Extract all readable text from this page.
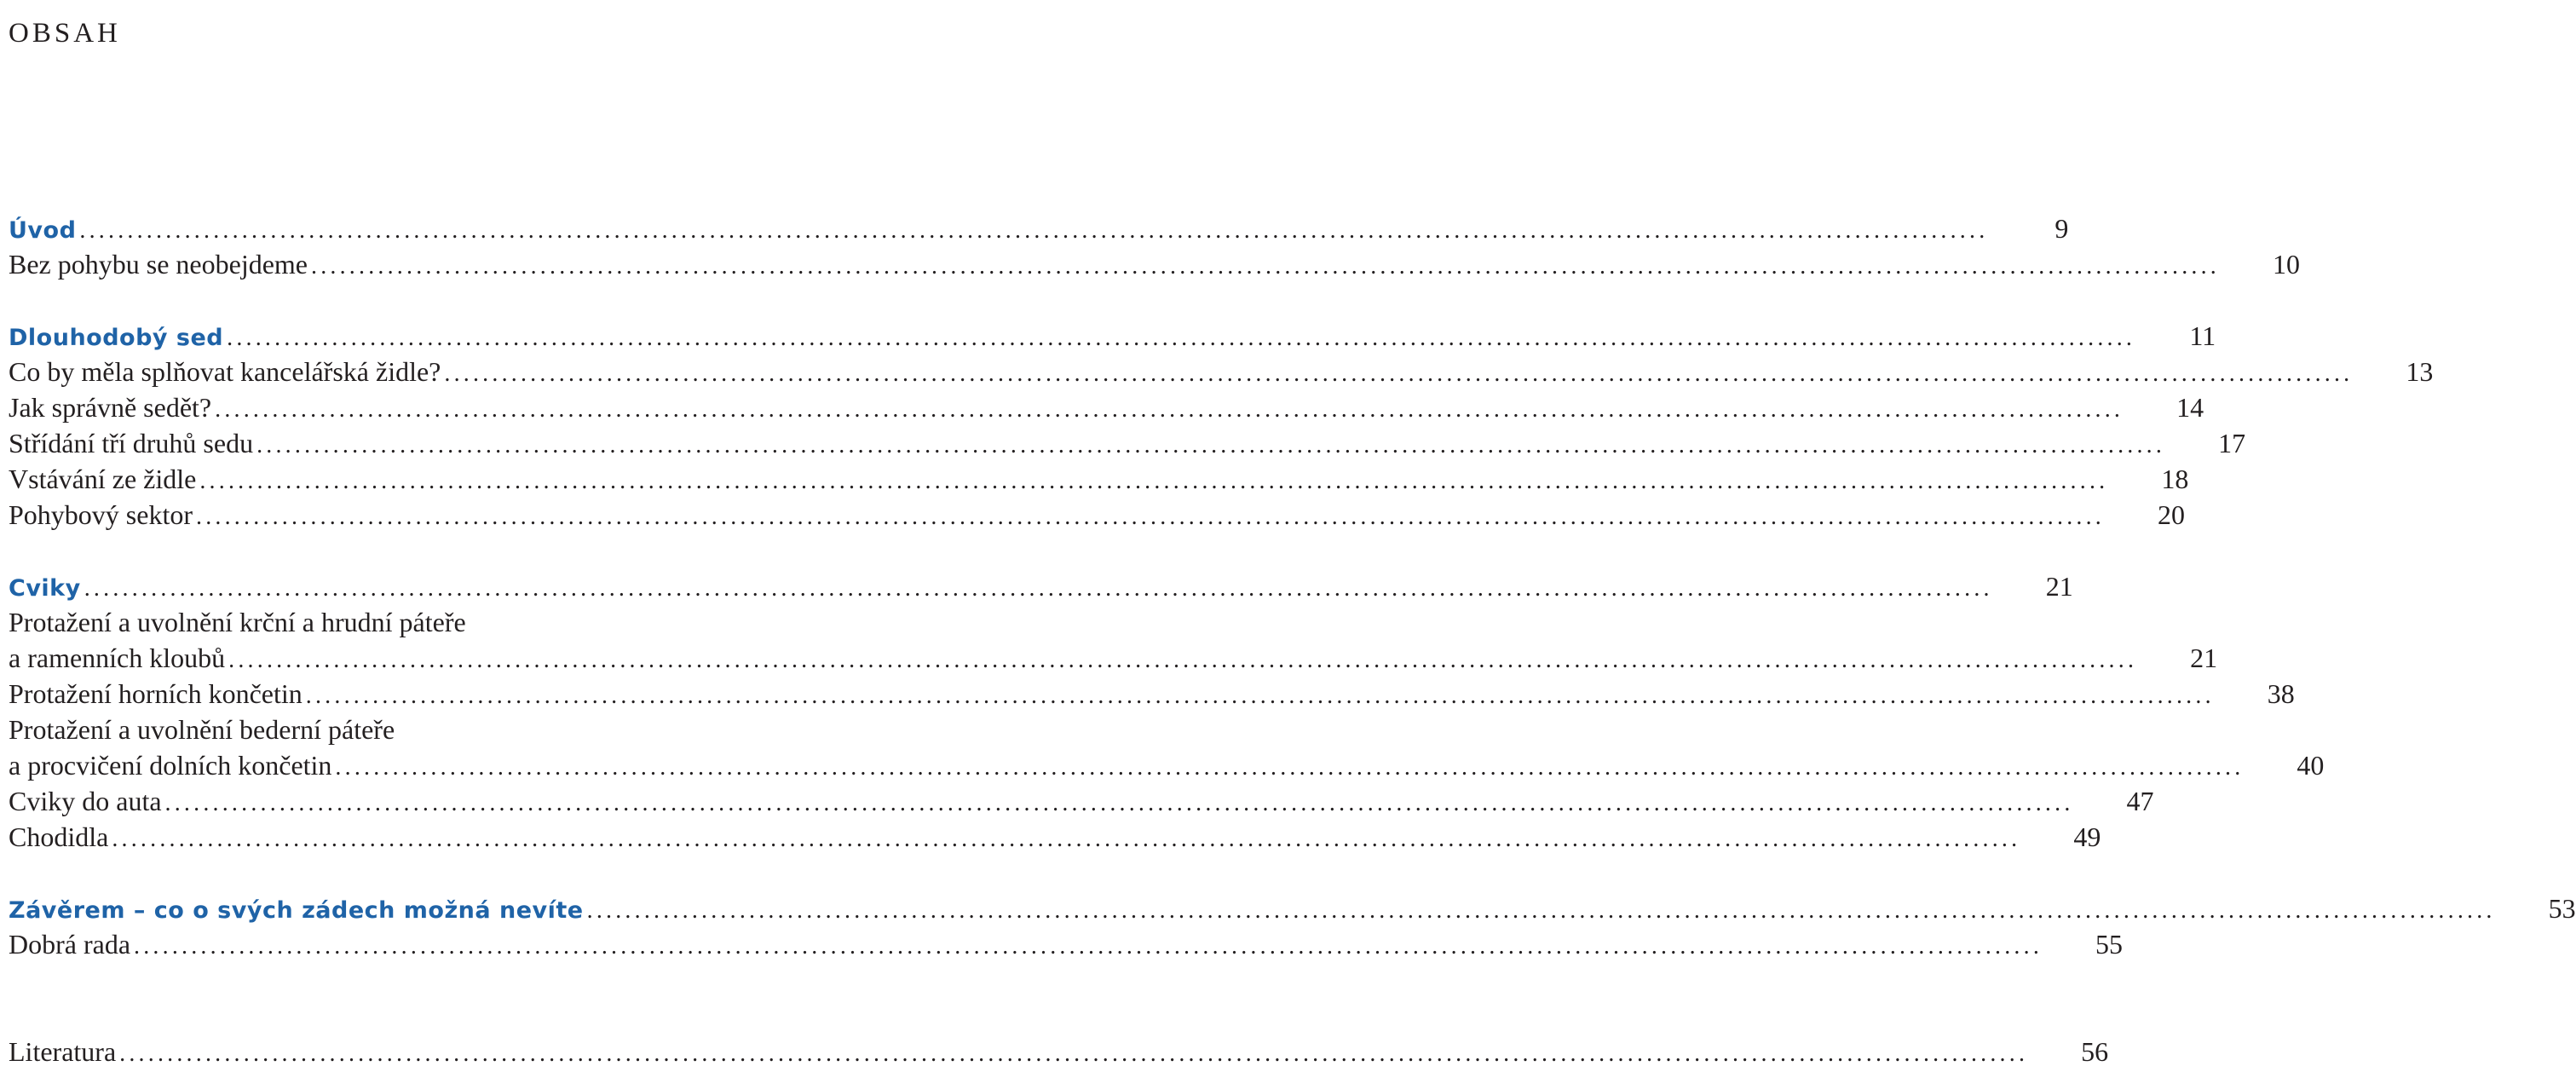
OBSAH
Úvod ........................................................................................................................................................................................................	9
Bez pohybu se neobejdeme ........................................................................................................................................................................................................	10
Dlouhodobý sed ........................................................................................................................................................................................................	11
Co by měla splňovat kancelářská židle? ........................................................................................................................................................................................................	13
Jak správně sedět? ........................................................................................................................................................................................................	14
Střídání tří druhů sedu ........................................................................................................................................................................................................	17
Vstávání ze židle ........................................................................................................................................................................................................	18
Pohybový sektor ........................................................................................................................................................................................................	20
Cviky ........................................................................................................................................................................................................	21
Protažení a uvolnění krční a hrudní páteře
a ramenních kloubů ........................................................................................................................................................................................................	21
Protažení horních končetin ........................................................................................................................................................................................................	38
Protažení a uvolnění bederní páteře
a procvičení dolních končetin ........................................................................................................................................................................................................	40
Cviky do auta ........................................................................................................................................................................................................	47
Chodidla ........................................................................................................................................................................................................	49
Závěrem – co o svých zádech možná nevíte ........................................................................................................................................................................................................	53
Dobrá rada ........................................................................................................................................................................................................	55
Literatura ........................................................................................................................................................................................................	56
